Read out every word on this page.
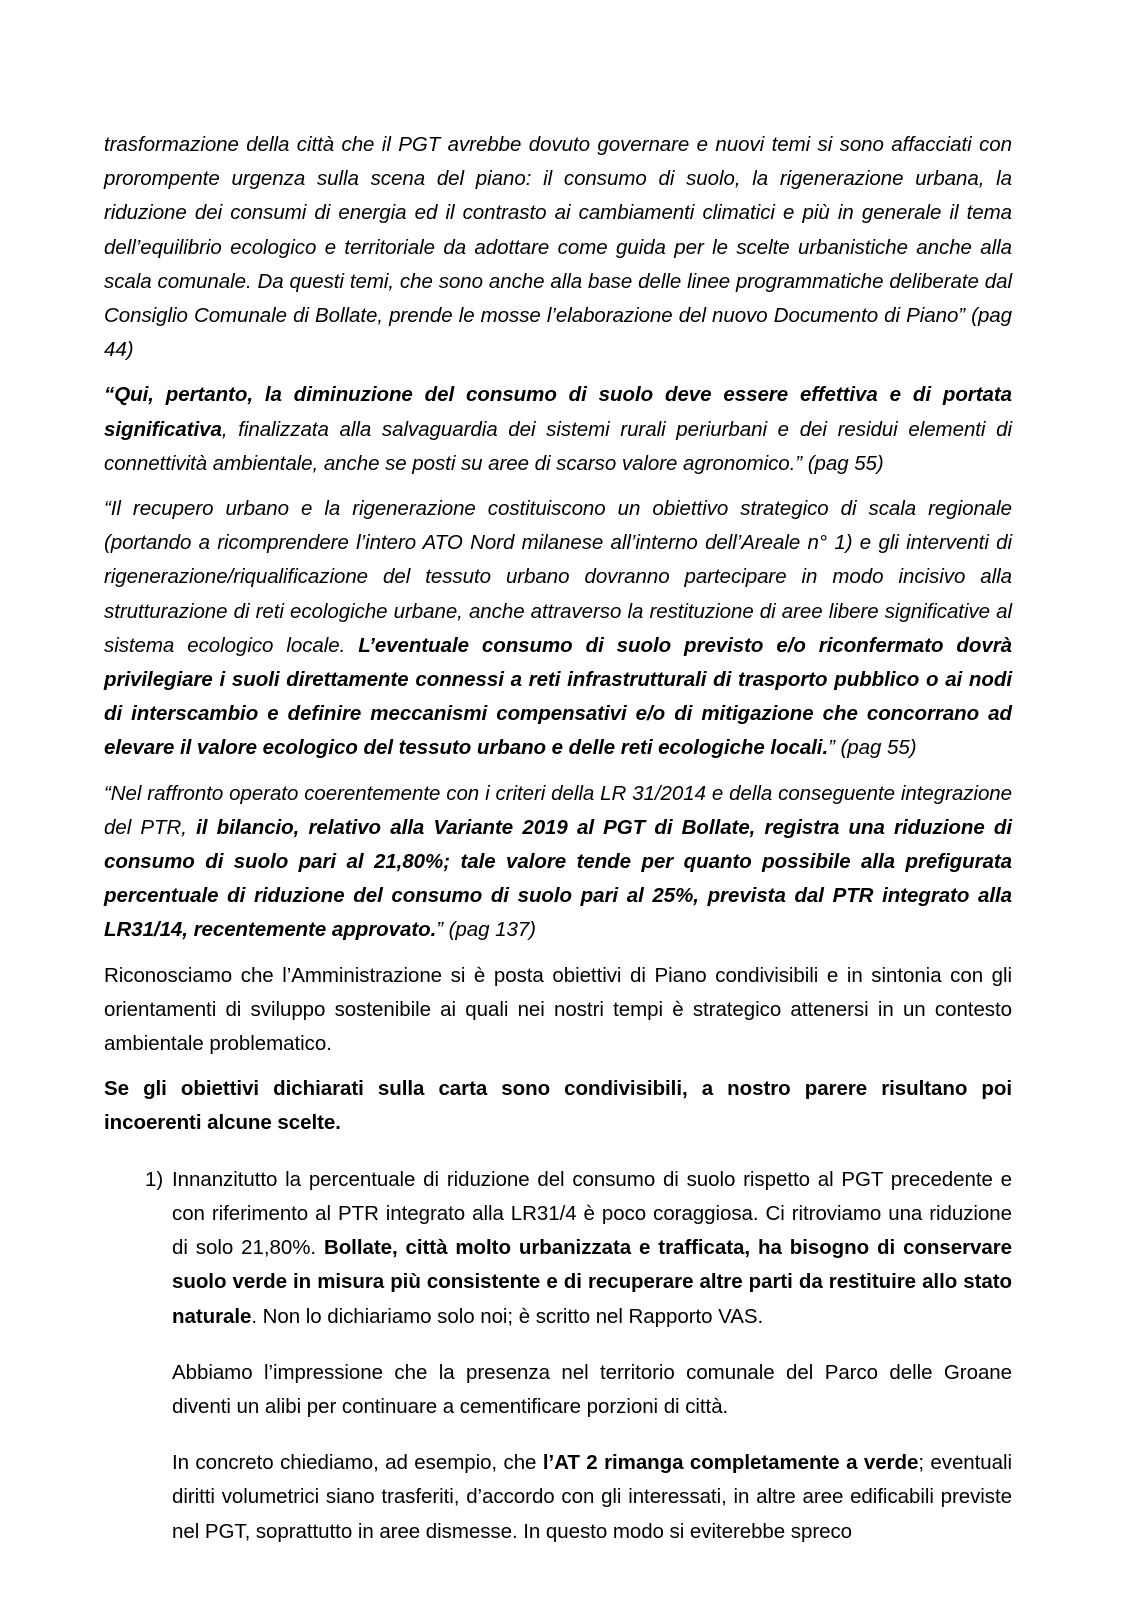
trasformazione della città che il PGT avrebbe dovuto governare e nuovi temi si sono affacciati con prorompente urgenza sulla scena del piano: il consumo di suolo, la rigenerazione urbana, la riduzione dei consumi di energia ed il contrasto ai cambiamenti climatici e più in generale il tema dell’equilibrio ecologico e territoriale da adottare come guida per le scelte urbanistiche anche alla scala comunale. Da questi temi, che sono anche alla base delle linee programmatiche deliberate dal Consiglio Comunale di Bollate, prende le mosse l’elaborazione del nuovo Documento di Piano” (pag 44)

“Qui, pertanto, la diminuzione del consumo di suolo deve essere effettiva e di portata significativa, finalizzata alla salvaguardia dei sistemi rurali periurbani e dei residui elementi di connettività ambientale, anche se posti su aree di scarso valore agronomico.” (pag 55)

“Il recupero urbano e la rigenerazione costituiscono un obiettivo strategico di scala regionale (portando a ricomprendere l’intero ATO Nord milanese all’interno dell’Areale n° 1) e gli interventi di rigenerazione/riqualificazione del tessuto urbano dovranno partecipare in modo incisivo alla strutturazione di reti ecologiche urbane, anche attraverso la restituzione di aree libere significative al sistema ecologico locale. L’eventuale consumo di suolo previsto e/o riconfermato dovrà privilegiare i suoli direttamente connessi a reti infrastrutturali di trasporto pubblico o ai nodi di interscambio e definire meccanismi compensativi e/o di mitigazione che concorrano ad elevare il valore ecologico del tessuto urbano e delle reti ecologiche locali.” (pag 55)

“Nel raffronto operato coerentemente con i criteri della LR 31/2014 e della conseguente integrazione del PTR, il bilancio, relativo alla Variante 2019 al PGT di Bollate, registra una riduzione di consumo di suolo pari al 21,80%; tale valore tende per quanto possibile alla prefigurata percentuale di riduzione del consumo di suolo pari al 25%, prevista dal PTR integrato alla LR31/14, recentemente approvato.” (pag 137)

Riconosciamo che l’Amministrazione si è posta obiettivi di Piano condivisibili e in sintonia con gli orientamenti di sviluppo sostenibile ai quali nei nostri tempi è strategico attenersi in un contesto ambientale problematico.

Se gli obiettivi dichiarati sulla carta sono condivisibili, a nostro parere risultano poi incoerenti alcune scelte.

1) Innanzitutto la percentuale di riduzione del consumo di suolo rispetto al PGT precedente e con riferimento al PTR integrato alla LR31/4 è poco coraggiosa. Ci ritroviamo una riduzione di solo 21,80%. Bollate, città molto urbanizzata e trafficata, ha bisogno di conservare suolo verde in misura più consistente e di recuperare altre parti da restituire allo stato naturale. Non lo dichiariamo solo noi; è scritto nel Rapporto VAS.

Abbiamo l’impressione che la presenza nel territorio comunale del Parco delle Groane diventi un alibi per continuare a cementificare porzioni di città.

In concreto chiediamo, ad esempio, che l’AT 2 rimanga completamente a verde; eventuali diritti volumetrici siano trasferiti, d’accordo con gli interessati, in altre aree edificabili previste nel PGT, soprattutto in aree dismesse. In questo modo si eviterebbe spreco
